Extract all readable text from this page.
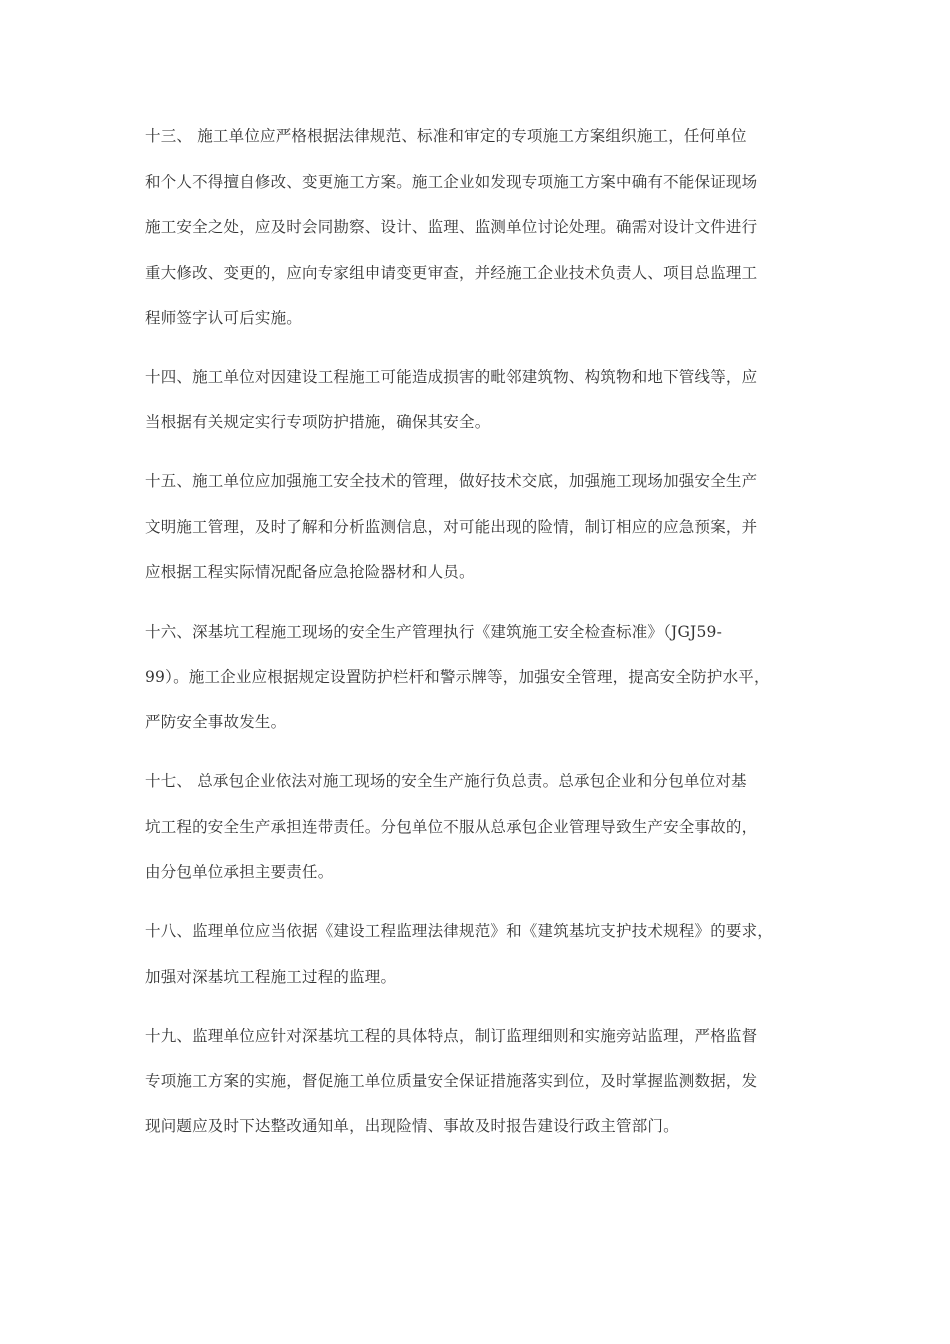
十三、 施工单位应严格根据法律规范、标准和审定的专项施工方案组织施工，任何单位
和个人不得擅自修改、变更施工方案。施工企业如发现专项施工方案中确有不能保证现场
施工安全之处，应及时会同勘察、设计、监理、监测单位讨论处理。确需对设计文件进行
重大修改、变更的，应向专家组申请变更审查，并经施工企业技术负责人、项目总监理工
程师签字认可后实施。
十四、施工单位对因建设工程施工可能造成损害的毗邻建筑物、构筑物和地下管线等，应
当根据有关规定实行专项防护措施，确保其安全。
十五、施工单位应加强施工安全技术的管理，做好技术交底，加强施工现场加强安全生产
文明施工管理，及时了解和分析监测信息，对可能出现的险情，制订相应的应急预案，并
应根据工程实际情况配备应急抢险器材和人员。
十六、深基坑工程施工现场的安全生产管理执行《建筑施工安全检查标准》（JGJ59-
99）。施工企业应根据规定设置防护栏杆和警示牌等，加强安全管理，提高安全防护水平，
严防安全事故发生。
十七、 总承包企业依法对施工现场的安全生产施行负总责。总承包企业和分包单位对基
坑工程的安全生产承担连带责任。分包单位不服从总承包企业管理导致生产安全事故的，
由分包单位承担主要责任。
十八、监理单位应当依据《建设工程监理法律规范》和《建筑基坑支护技术规程》的要求，
加强对深基坑工程施工过程的监理。
十九、监理单位应针对深基坑工程的具体特点，制订监理细则和实施旁站监理，严格监督
专项施工方案的实施，督促施工单位质量安全保证措施落实到位，及时掌握监测数据，发
现问题应及时下达整改通知单，出现险情、事故及时报告建设行政主管部门。
